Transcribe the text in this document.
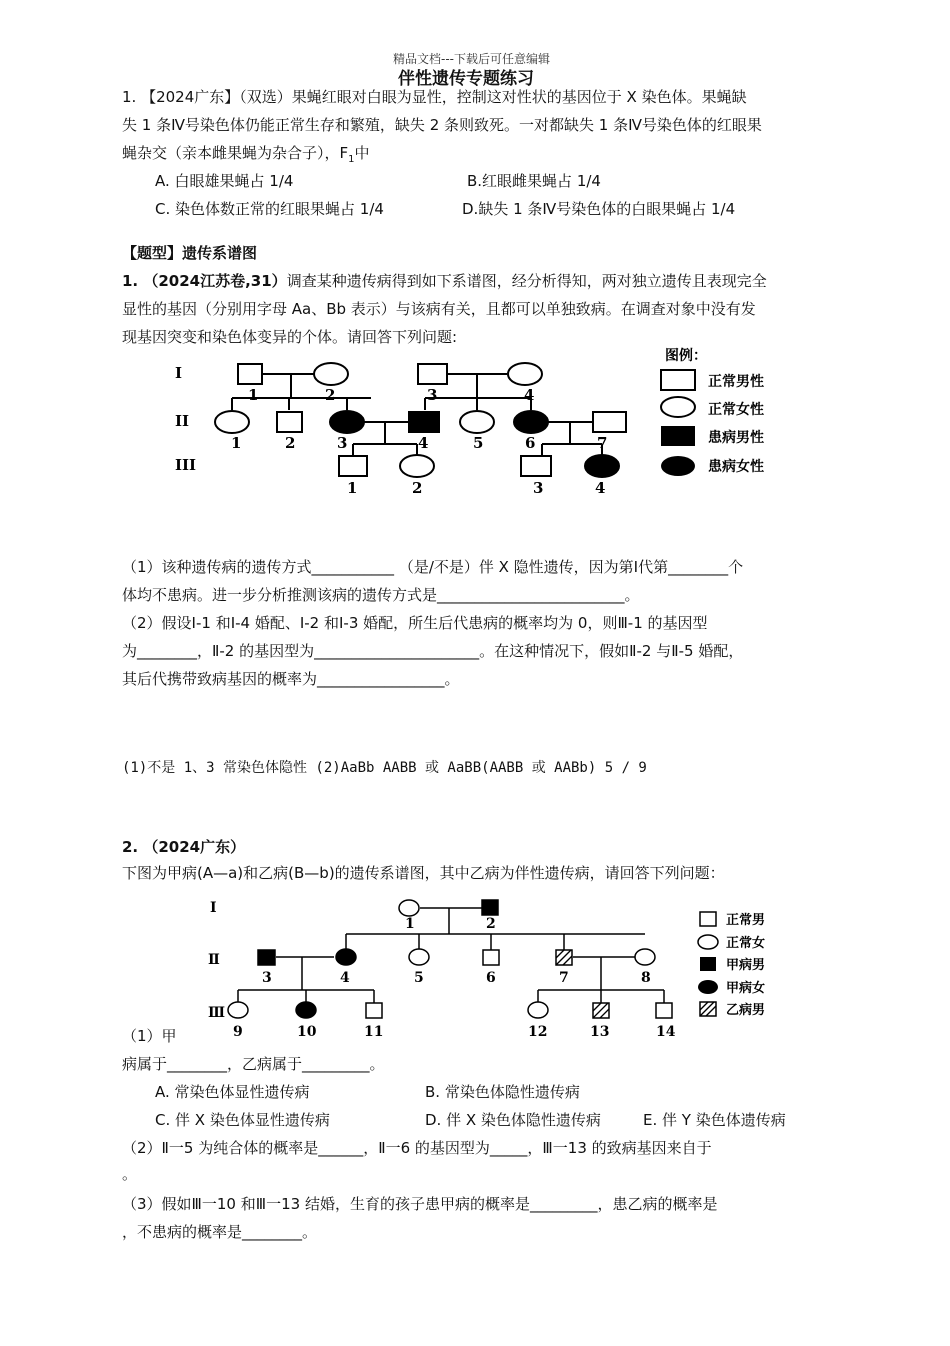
精品文档---下载后可任意编辑
伴性遗传专题练习
1. 【2024广东】（双选）果蝇红眼对白眼为显性，控制这对性状的基因位于 X 染色体。果蝇缺
失 1 条Ⅳ号染色体仍能正常生存和繁殖，缺失 2 条则致死。一对都缺失 1 条Ⅳ号染色体的红眼果
蝇杂交（亲本雌果蝇为杂合子），$F_1$中
A. 白眼雄果蝇占 1/4	B.红眼雌果蝇占 1/4
C. 染色体数正常的红眼果蝇占 1/4	D.缺失 1 条Ⅳ号染色体的白眼果蝇占 1/4
【题型】遗传系谱图
1. （2024江苏卷,31）调查某种遗传病得到如下系谱图，经分析得知，两对独立遗传且表现完全
显性的基因（分别用字母 Aa、Bb 表示）与该病有关，且都可以单独致病。在调查对象中没有发
现基因突变和染色体变异的个体。请回答下列问题:
I
II
III
1	2	3	4
1	2	3	4	5	6	7
1	2	3	4
图例：
正常男性
正常女性
患病男性
患病女性
（1）该种遗传病的遗传方式___________ （是/不是）伴 X 隐性遗传，因为第Ⅰ代第________个
体均不患病。进一步分析推测该病的遗传方式是_________________________。
（2）假设Ⅰ-1 和Ⅰ-4 婚配、Ⅰ-2 和Ⅰ-3 婚配，所生后代患病的概率均为 0，则Ⅲ-1 的基因型
为________，Ⅱ-2 的基因型为______________________。在这种情况下，假如Ⅱ-2 与Ⅱ-5 婚配，
其后代携带致病基因的概率为_________________。
(1)不是 1、3 常染色体隐性 (2)AaBb AABB 或 AaBB(AABB 或 AABb) 5 / 9
2. （2024广东）
下图为甲病(A—a)和乙病(B—b)的遗传系谱图，其中乙病为伴性遗传病，请回答下列问题：
I
Ⅱ
Ⅲ
1	2
3	4	5	6	7	8
9	10	11	12	13	14
正常男
正常女
甲病男
甲病女
乙病男
（1）甲
病属于________，乙病属于_________。
A. 常染色体显性遗传病	B. 常染色体隐性遗传病
C. 伴 X 染色体显性遗传病	D. 伴 X 染色体隐性遗传病	E. 伴 Y 染色体遗传病
（2）Ⅱ一5 为纯合体的概率是______，Ⅱ一6 的基因型为_____，Ⅲ一13 的致病基因来自于
。
（3）假如Ⅲ一10 和Ⅲ一13 结婚，生育的孩子患甲病的概率是_________，患乙病的概率是
，不患病的概率是________。
